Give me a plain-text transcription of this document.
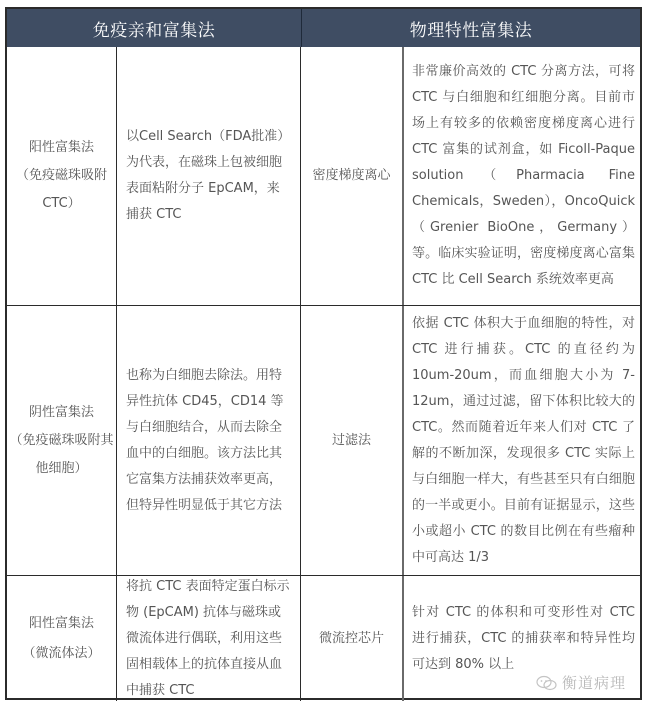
免疫亲和富集法	物理特性富集法
阳性富集法
（免疫磁珠吸附
CTC）
以Cell Search（FDA批准）为代表，在磁珠上包被细胞表面粘附分子 EpCAM，来捕获 CTC
密度梯度离心
非常廉价高效的 CTC 分离方法，可将 CTC 与白细胞和红细胞分离。目前市场上有较多的依赖密度梯度离心进行 CTC 富集的试剂盒，如 Ficoll-Paque solution（Pharmacia Fine Chemicals，Sweden），OncoQuick（Grenier BioOne，Germany）等。临床实验证明，密度梯度离心富集 CTC 比 Cell Search 系统效率更高
阴性富集法
（免疫磁珠吸附其
他细胞）
也称为白细胞去除法。用特异性抗体 CD45，CD14 等与白细胞结合，从而去除全血中的白细胞。该方法比其它富集方法捕获效率更高，但特异性明显低于其它方法
过滤法
依据 CTC 体积大于血细胞的特性，对 CTC 进行捕获。CTC 的直径约为 10um-20um，而血细胞大小为 7-12um，通过过滤，留下体积比较大的 CTC。然而随着近年来人们对 CTC 了解的不断加深，发现很多 CTC 实际上与白细胞一样大，有些甚至只有白细胞的一半或更小。目前有证据显示，这些小或超小 CTC 的数目比例在有些瘤种中可高达 1/3
阳性富集法
（微流体法）
将抗 CTC 表面特定蛋白标示物 (EpCAM) 抗体与磁珠或微流体进行偶联，利用这些固相载体上的抗体直接从血中捕获 CTC
微流控芯片
针对 CTC 的体积和可变形性对 CTC 进行捕获，CTC 的捕获率和特异性均可达到 80% 以上
衡道病理
